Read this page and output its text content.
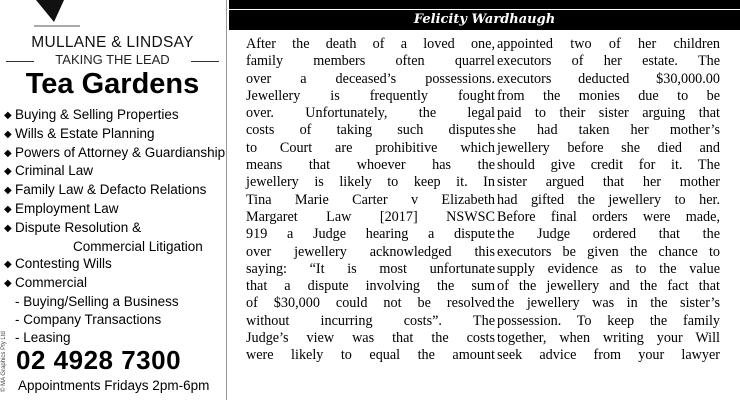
MULLANE & LINDSAY
TAKING THE LEAD
Tea Gardens
◆ Buying & Selling Properties
◆ Wills & Estate Planning
◆ Powers of Attorney & Guardianship
◆ Criminal Law
◆ Family Law & Defacto Relations
◆ Employment Law
◆ Dispute Resolution &
Commercial Litigation
◆ Contesting Wills
◆ Commercial
- Buying/Selling a Business
- Company Transactions
- Leasing
02 4928 7300
Appointments Fridays 2pm-6pm
© MA Graphics Pty Ltd
Felicity Wardhaugh
After the death of a loved one,
family members often quarrel
over a deceased’s possessions.
Jewellery is frequently fought
over. Unfortunately, the legal
costs of taking such disputes
to Court are prohibitive which
means that whoever has the
jewellery is likely to keep it. In
Tina Marie Carter v Elizabeth
Margaret Law [2017] NSWSC
919 a Judge hearing a dispute
over jewellery acknowledged this
saying: “It is most unfortunate
that a dispute involving the sum
of $30,000 could not be resolved
without incurring costs”. The
Judge’s view was that the costs
were likely to equal the amount
appointed two of her children
executors of her estate. The
executors deducted $30,000.00
from the monies due to be
paid to their sister arguing that
she had taken her mother’s
jewellery before she died and
should give credit for it. The
sister argued that her mother
had gifted the jewellery to her.
Before final orders were made,
the Judge ordered that the
executors be given the chance to
supply evidence as to the value
of the jewellery and the fact that
the jewellery was in the sister’s
possession. To keep the family
together, when writing your Will
seek advice from your lawyer
